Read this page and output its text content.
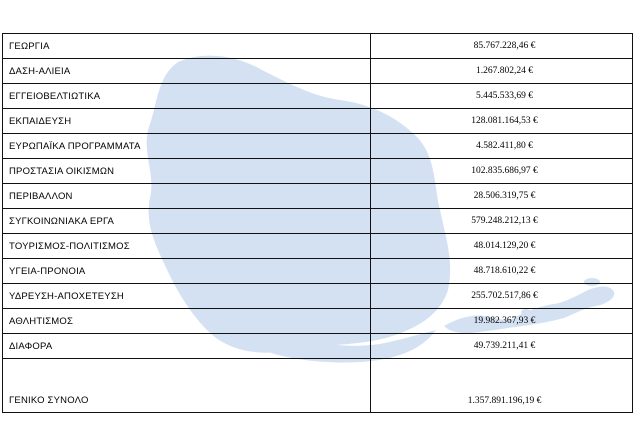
ΓΕΩΡΓΙΑ	85.767.228,46 €
ΔΑΣΗ-ΑΛΙΕΙΑ	1.267.802,24 €
ΕΓΓΕΙΟΒΕΛΤΙΩΤΙΚΑ	5.445.533,69 €
ΕΚΠΑΙΔΕΥΣΗ	128.081.164,53 €
ΕΥΡΩΠΑΪΚΑ ΠΡΟΓΡΑΜΜΑΤΑ	4.582.411,80 €
ΠΡΟΣΤΑΣΙΑ ΟΙΚΙΣΜΩΝ	102.835.686,97 €
ΠΕΡΙΒΑΛΛΟΝ	28.506.319,75 €
ΣΥΓΚΟΙΝΩΝΙΑΚΑ ΕΡΓΑ	579.248.212,13 €
ΤΟΥΡΙΣΜΟΣ-ΠΟΛΙΤΙΣΜΟΣ	48.014.129,20 €
ΥΓΕΙΑ-ΠΡΟΝΟΙΑ	48.718.610,22 €
ΥΔΡΕΥΣΗ-ΑΠΟΧΕΤΕΥΣΗ	255.702.517,86 €
ΑΘΛΗΤΙΣΜΟΣ	19.982.367,93 €
ΔΙΑΦΟΡΑ	49.739.211,41 €
ΓΕΝΙΚΟ ΣΥΝΟΛΟ	1.357.891.196,19 €
